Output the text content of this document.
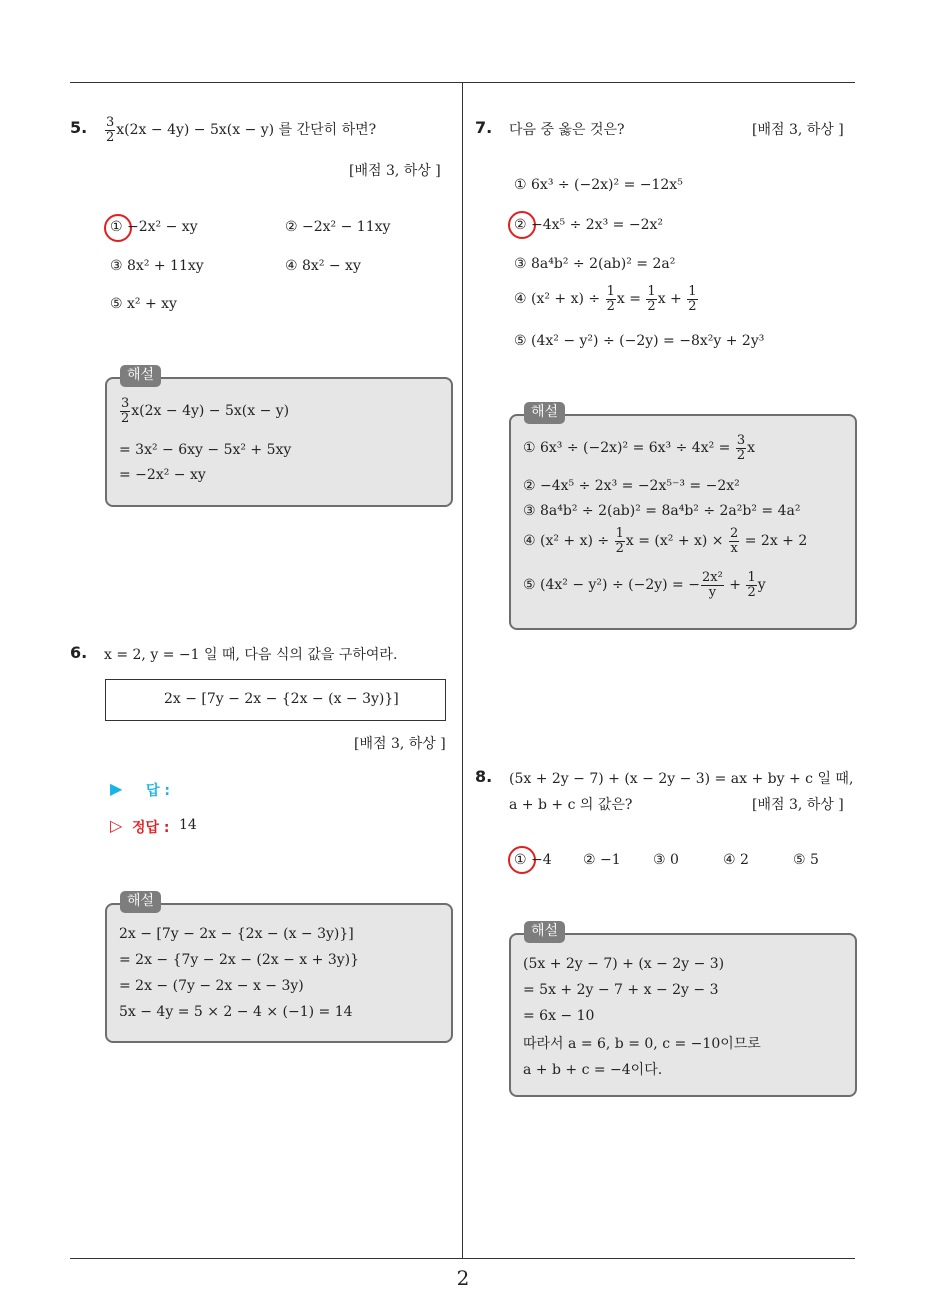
2
5. $\frac{3}{2} x(2x - 4y) - 5x(x - y)$ 를 간단히 하면?
[배점 3, 하상 ]
① −2x² − xy	② −2x² − 11xy
③ 8x² + 11xy	④ 8x² − xy
⑤ x² + xy
$\frac{3}{2} x(2x - 4y) - 5x(x - y)$
= 3x² − 6xy − 5x² + 5xy
= −2x² − xy
해설
6. x = 2, y = −1 일 때, 다음 식의 값을 구하여라.
2x − [7y − 2x − {2x − (x − 3y)}]
[배점 3, 하상 ]
▶ 답 :
▷ 정답 : 14
2x − [7y − 2x − {2x − (x − 3y)}]
= 2x − {7y − 2x − (2x − x + 3y)}
= 2x − (7y − 2x − x − 3y)
5x − 4y = 5 × 2 − 4 × (−1) = 14
해설
7. 다음 중 옳은 것은?	[배점 3, 하상 ]
① 6x³ ÷ (−2x)² = −12x⁵
② −4x⁵ ÷ 2x³ = −2x²
③ 8a⁴b² ÷ 2(ab)² = 2a²
④ $(x^2 + x) \div \frac{1}{2}$ $x = \frac{1}{2}$ $x + \frac{1}{2}$
⑤ (4x² − y²) ÷ (−2y) = −8x²y + 2y³
① $6x^3 \div (-2x)^2 = 6x^3 \div 4x^2 = \frac{3}{2}$ x
② −4x⁵ ÷ 2x³ = −2x⁵⁻³ = −2x²
③ 8a⁴b² ÷ 2(ab)² = 8a⁴b² ÷ 2a²b² = 4a²
④ $(x^2 + x) \div \frac{1}{2}$ $x = (x^2 + x) \times \frac{2}{x} = 2x + 2$
⑤ (4x² − y²) ÷ (−2y) = − $\frac{\text{2x²}}{y} + \frac{1}{2}$ y
해설
8. (5x + 2y − 7) + (x − 2y − 3) = ax + by + c 일 때,
a + b + c 의 값은?	[배점 3, 하상 ]
① −4 ② −1 ③ 0	④ 2	⑤ 5
(5x + 2y − 7) + (x − 2y − 3)
= 5x + 2y − 7 + x − 2y − 3
= 6x − 10
따라서 a = 6, b = 0, c = −10이므로
a + b + c = −4이다.
해설
